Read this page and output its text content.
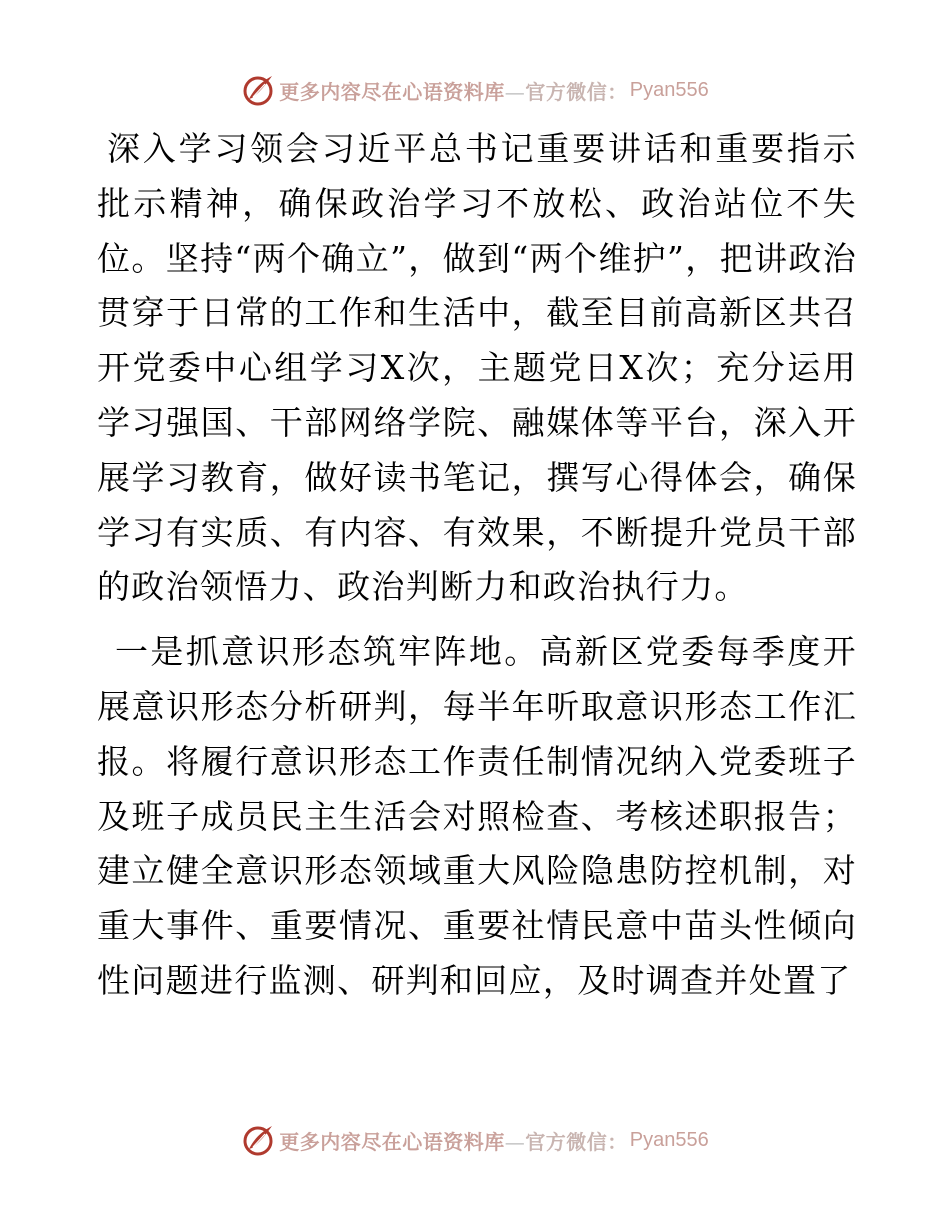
更多内容尽在心语资料库—官方微信： Pyan556

深入学习领会习近平总书记重要讲话和重要指示批示精神，确保政治学习不放松、政治站位不失位。坚持“两个确立”，做到“两个维护”，把讲政治贯穿于日常的工作和生活中，截至目前高新区共召开党委中心组学习X次，主题党日X次；充分运用学习强国、干部网络学院、融媒体等平台，深入开展学习教育，做好读书笔记，撰写心得体会，确保学习有实质、有内容、有效果，不断提升党员干部的政治领悟力、政治判断力和政治执行力。

一是抓意识形态筑牢阵地。高新区党委每季度开展意识形态分析研判，每半年听取意识形态工作汇报。将履行意识形态工作责任制情况纳入党委班子及班子成员民主生活会对照检查、考核述职报告；建立健全意识形态领域重大风险隐患防控机制，对重大事件、重要情况、重要社情民意中苗头性倾向性问题进行监测、研判和回应，及时调查并处置了

更多内容尽在心语资料库—官方微信： Pyan556
